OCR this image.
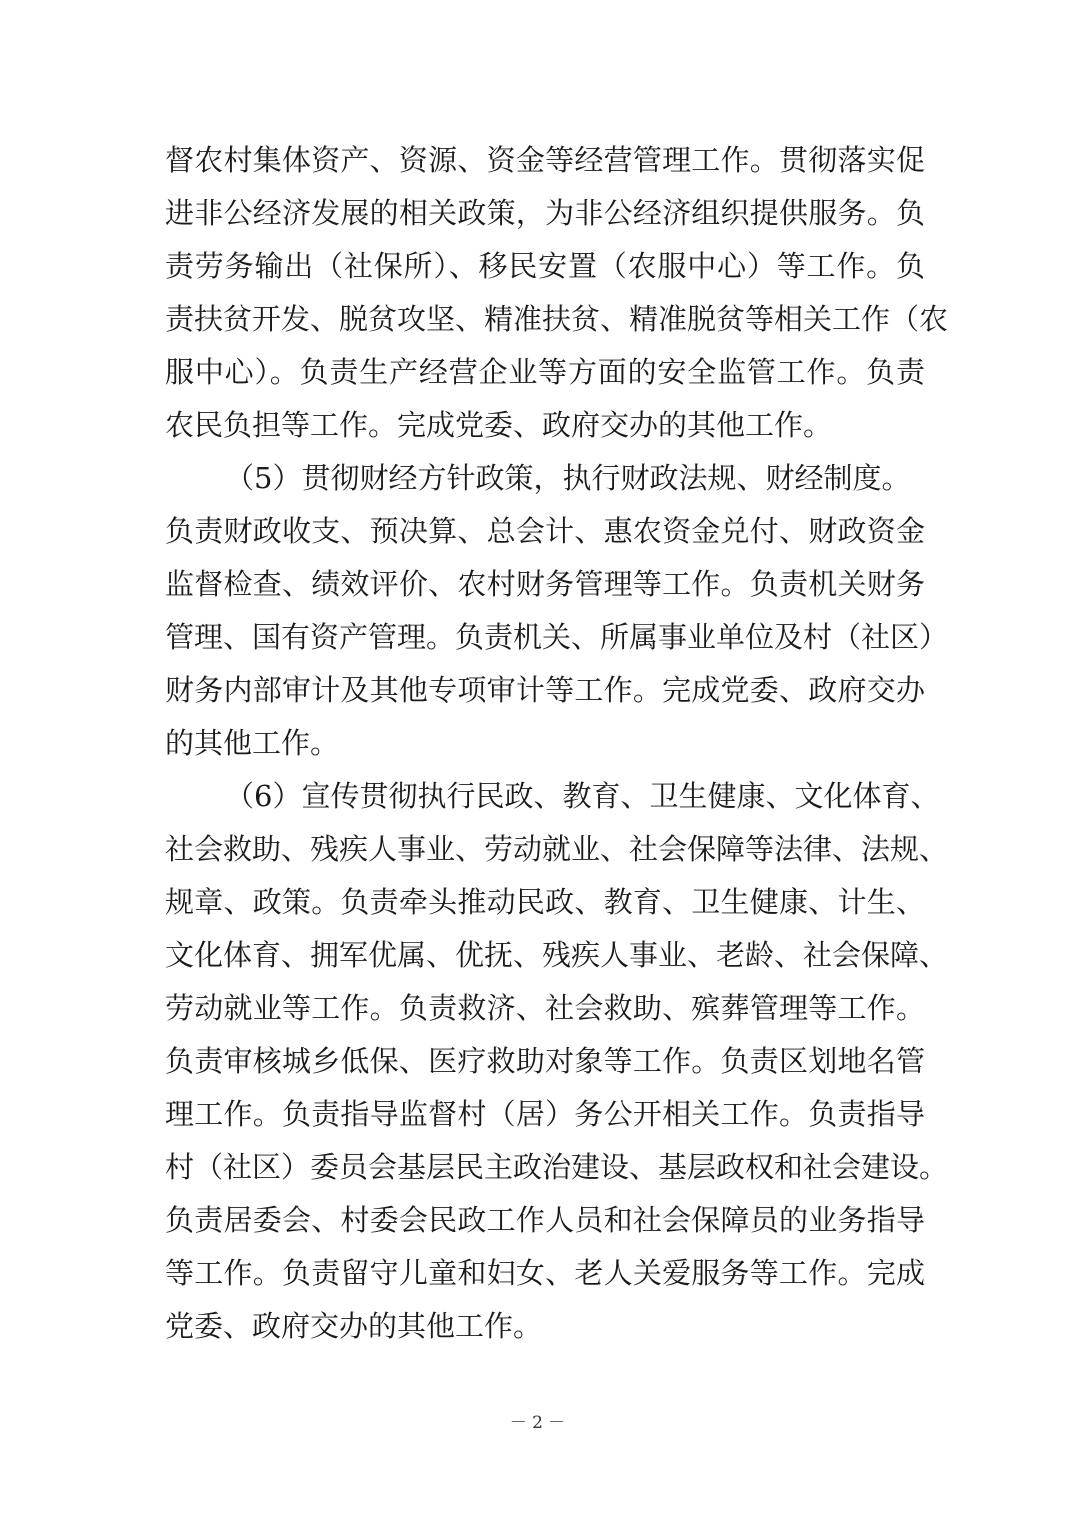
督农村集体资产、资源、资金等经营管理工作。贯彻落实促
进非公经济发展的相关政策，为非公经济组织提供服务。负
责劳务输出（社保所）、移民安置（农服中心）等工作。负
责扶贫开发、脱贫攻坚、精准扶贫、精准脱贫等相关工作（农
服中心）。负责生产经营企业等方面的安全监管工作。负责
农民负担等工作。完成党委、政府交办的其他工作。
（5）贯彻财经方针政策，执行财政法规、财经制度。
负责财政收支、预决算、总会计、惠农资金兑付、财政资金
监督检查、绩效评价、农村财务管理等工作。负责机关财务
管理、国有资产管理。负责机关、所属事业单位及村（社区）
财务内部审计及其他专项审计等工作。完成党委、政府交办
的其他工作。
（6）宣传贯彻执行民政、教育、卫生健康、文化体育、
社会救助、残疾人事业、劳动就业、社会保障等法律、法规、
规章、政策。负责牵头推动民政、教育、卫生健康、计生、
文化体育、拥军优属、优抚、残疾人事业、老龄、社会保障、
劳动就业等工作。负责救济、社会救助、殡葬管理等工作。
负责审核城乡低保、医疗救助对象等工作。负责区划地名管
理工作。负责指导监督村（居）务公开相关工作。负责指导
村（社区）委员会基层民主政治建设、基层政权和社会建设。
负责居委会、村委会民政工作人员和社会保障员的业务指导
等工作。负责留守儿童和妇女、老人关爱服务等工作。完成
党委、政府交办的其他工作。
－ 2 －
